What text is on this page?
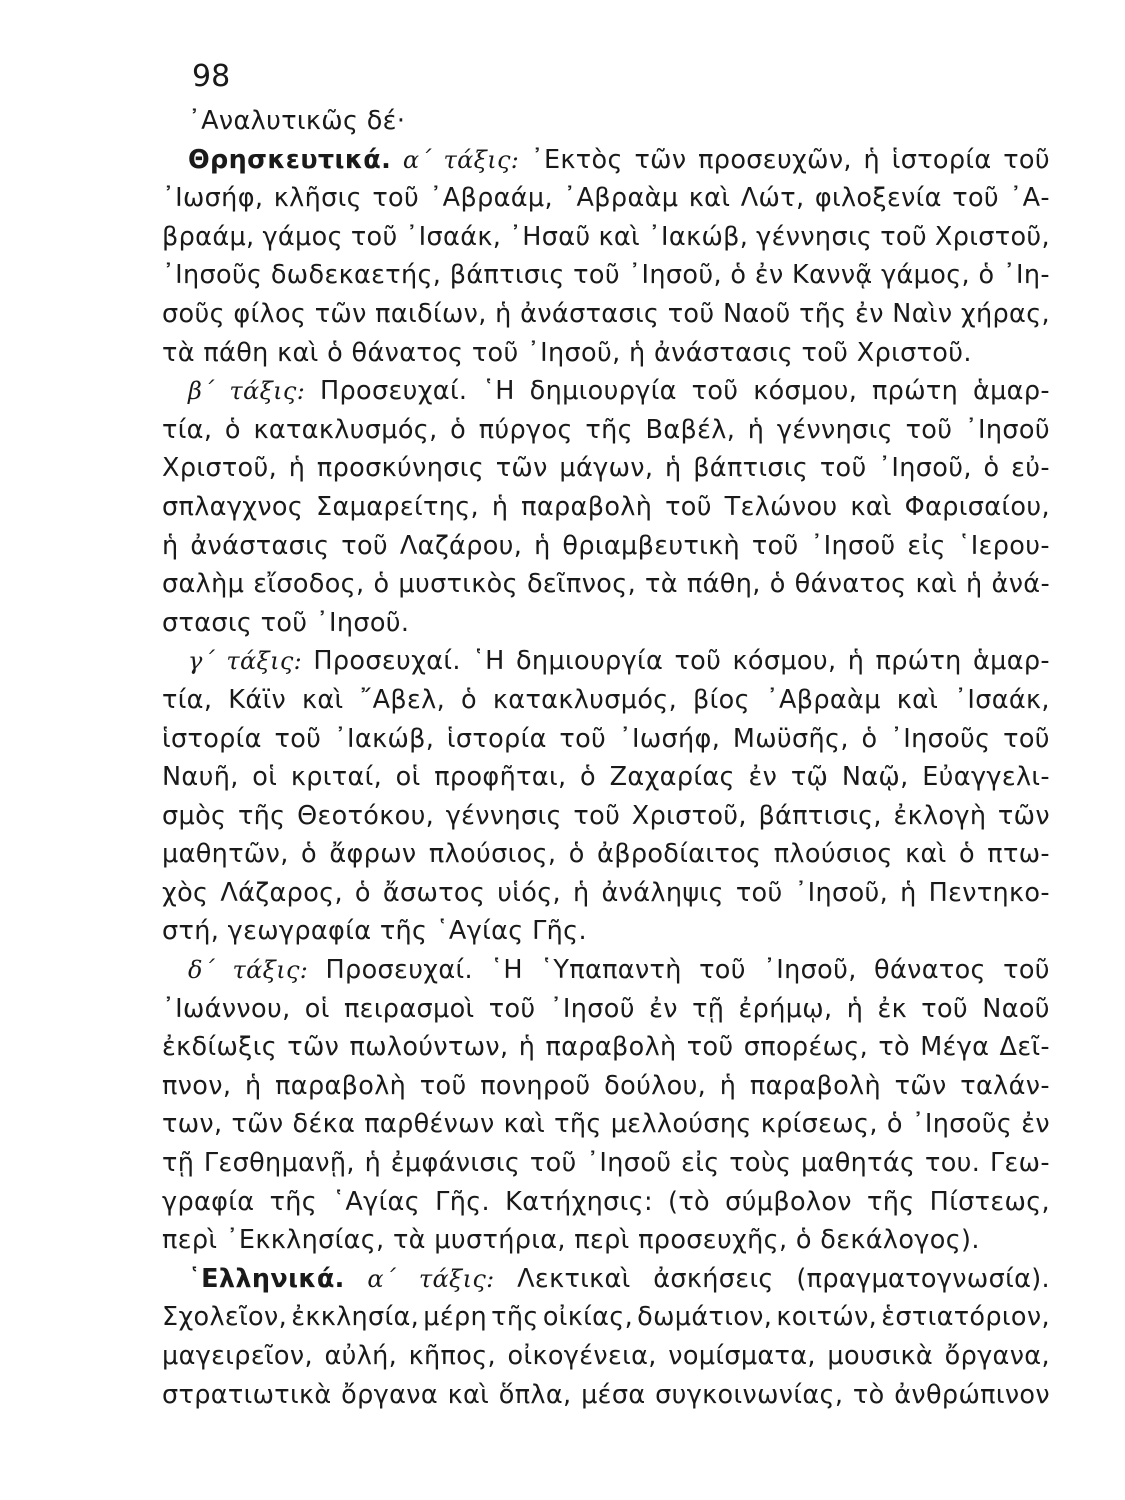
98
᾿Αναλυτικῶς δέ·
Θρησκευτικά. α΄ τάξις: ᾿Εκτὸς τῶν προσευχῶν, ἡ ἱστορία τοῦ
᾿Ιωσήφ, κλῆσις τοῦ ᾿Αβραάμ, ᾿Αβραὰμ καὶ Λώτ, φιλοξενία τοῦ ᾿Α-
βραάμ, γάμος τοῦ ᾿Ισαάκ, ᾿Ησαῦ καὶ ᾿Ιακώβ, γέννησις τοῦ Χριστοῦ,
᾿Ιησοῦς δωδεκαετής, βάπτισις τοῦ ᾿Ιησοῦ, ὁ ἐν Καννᾷ γάμος, ὁ ᾿Ιη-
σοῦς φίλος τῶν παιδίων, ἡ ἀνάστασις τοῦ Ναοῦ τῆς ἐν Ναὶν χήρας,
τὰ πάθη καὶ ὁ θάνατος τοῦ ᾿Ιησοῦ, ἡ ἀνάστασις τοῦ Χριστοῦ.
β΄ τάξις: Προσευχαί. ῾Η δημιουργία τοῦ κόσμου, πρώτη ἁμαρ-
τία, ὁ κατακλυσμός, ὁ πύργος τῆς Βαβέλ, ἡ γέννησις τοῦ ᾿Ιησοῦ
Χριστοῦ, ἡ προσκύνησις τῶν μάγων, ἡ βάπτισις τοῦ ᾿Ιησοῦ, ὁ εὐ-
σπλαγχνος Σαμαρείτης, ἡ παραβολὴ τοῦ Τελώνου καὶ Φαρισαίου,
ἡ ἀνάστασις τοῦ Λαζάρου, ἡ θριαμβευτικὴ τοῦ ᾿Ιησοῦ εἰς ῾Ιερου-
σαλὴμ εἴσοδος, ὁ μυστικὸς δεῖπνος, τὰ πάθη, ὁ θάνατος καὶ ἡ ἀνά-
στασις τοῦ ᾿Ιησοῦ.
γ΄ τάξις: Προσευχαί. ῾Η δημιουργία τοῦ κόσμου, ἡ πρώτη ἁμαρ-
τία, Κάϊν καὶ ῎Αβελ, ὁ κατακλυσμός, βίος ᾿Αβραὰμ καὶ ᾿Ισαάκ,
ἱστορία τοῦ ᾿Ιακώβ, ἱστορία τοῦ ᾿Ιωσήφ, Μωϋσῆς, ὁ ᾿Ιησοῦς τοῦ
Ναυῆ, οἱ κριταί, οἱ προφῆται, ὁ Ζαχαρίας ἐν τῷ Ναῷ, Εὐαγγελι-
σμὸς τῆς Θεοτόκου, γέννησις τοῦ Χριστοῦ, βάπτισις, ἐκλογὴ τῶν
μαθητῶν, ὁ ἄφρων πλούσιος, ὁ ἀβροδίαιτος πλούσιος καὶ ὁ πτω-
χὸς Λάζαρος, ὁ ἄσωτος υἱός, ἡ ἀνάληψις τοῦ ᾿Ιησοῦ, ἡ Πεντηκο-
στή, γεωγραφία τῆς ῾Αγίας Γῆς.
δ΄ τάξις: Προσευχαί. ῾Η ῾Υπαπαντὴ τοῦ ᾿Ιησοῦ, θάνατος τοῦ
᾿Ιωάννου, οἱ πειρασμοὶ τοῦ ᾿Ιησοῦ ἐν τῇ ἐρήμῳ, ἡ ἐκ τοῦ Ναοῦ
ἐκδίωξις τῶν πωλούντων, ἡ παραβολὴ τοῦ σπορέως, τὸ Μέγα Δεῖ-
πνον, ἡ παραβολὴ τοῦ πονηροῦ δούλου, ἡ παραβολὴ τῶν ταλάν-
των, τῶν δέκα παρθένων καὶ τῆς μελλούσης κρίσεως, ὁ ᾿Ιησοῦς ἐν
τῇ Γεσθημανῇ, ἡ ἐμφάνισις τοῦ ᾿Ιησοῦ εἰς τοὺς μαθητάς του. Γεω-
γραφία τῆς ῾Αγίας Γῆς. Κατήχησις: (τὸ σύμβολον τῆς Πίστεως,
περὶ ᾿Εκκλησίας, τὰ μυστήρια, περὶ προσευχῆς, ὁ δεκάλογος).
῾Ελληνικά. α΄ τάξις: Λεκτικαὶ ἀσκήσεις (πραγματογνωσία).
Σχολεῖον, ἐκκλησία, μέρη τῆς οἰκίας, δωμάτιον, κοιτών, ἑστιατόριον,
μαγειρεῖον, αὐλή, κῆπος, οἰκογένεια, νομίσματα, μουσικὰ ὄργανα,
στρατιωτικὰ ὄργανα καὶ ὅπλα, μέσα συγκοινωνίας, τὸ ἀνθρώπινον
